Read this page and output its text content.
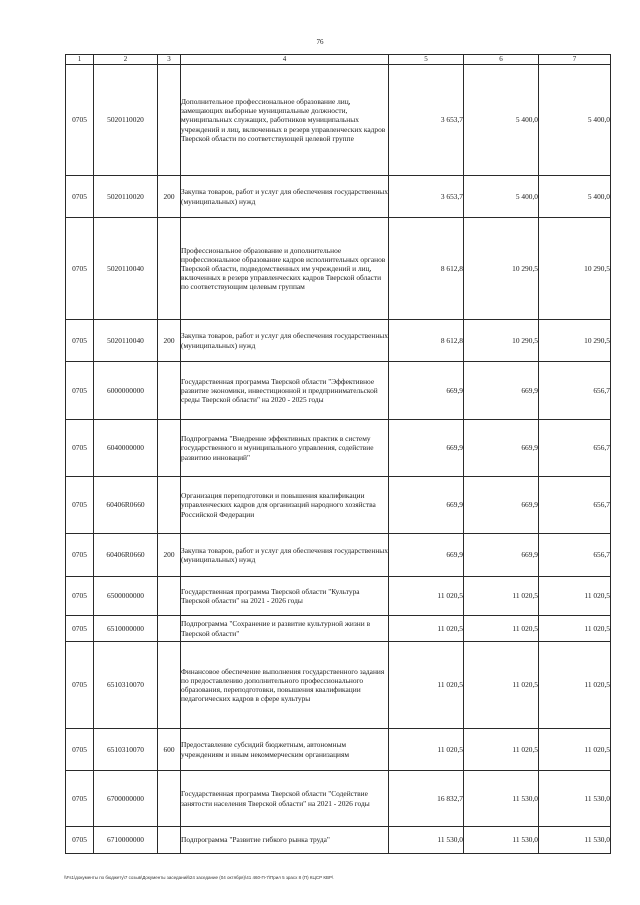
76
1	2	3	4	5	6	7
0705	5020110020		Дополнительное профессиональное образование лиц, замещающих выборные муниципальные должности, муниципальных служащих, работников муниципальных учреждений и лиц, включенных в резерв управленческих кадров Тверской области по соответствующей целевой группе	3 653,7	5 400,0	5 400,0
0705	5020110020	200	Закупка товаров, работ и услуг для обеспечения государственных (муниципальных) нужд	3 653,7	5 400,0	5 400,0
0705	5020110040		Профессиональное образование и дополнительное профессиональное образование кадров исполнительных органов Тверской области, подведомственных им учреждений и лиц, включенных в резерв управленческих кадров Тверской области по соответствующим целевым группам	8 612,8	10 290,5	10 290,5
0705	5020110040	200	Закупка товаров, работ и услуг для обеспечения государственных (муниципальных) нужд	8 612,8	10 290,5	10 290,5
0705	6000000000		Государственная программа Тверской области "Эффективное развитие экономики, инвестиционной и предпринимательской среды Тверской области" на 2020 - 2025 годы	669,9	669,9	656,7
0705	6040000000		Подпрограмма "Внедрение эффективных практик в систему государственного и муниципального управления, содействие развитию инноваций"	669,9	669,9	656,7
0705	60406R0660		Организация переподготовки и повышения квалификации управленческих кадров для организаций народного хозяйства Российской Федерации	669,9	669,9	656,7
0705	60406R0660	200	Закупка товаров, работ и услуг для обеспечения государственных (муниципальных) нужд	669,9	669,9	656,7
0705	6500000000		Государственная программа Тверской области "Культура Тверской области" на 2021 - 2026 годы	11 020,5	11 020,5	11 020,5
0705	6510000000		Подпрограмма "Сохранение и развитие культурной жизни в Тверской области"	11 020,5	11 020,5	11 020,5
0705	6510310070		Финансовое обеспечение выполнения государственного задания по предоставлению дополнительного профессионального образования, переподготовки, повышения квалификации педагогических кадров в сфере культуры	11 020,5	11 020,5	11 020,5
0705	6510310070	600	Предоставление субсидий бюджетным, автономным учреждениям и иным некоммерческим организациям	11 020,5	11 020,5	11 020,5
0705	6700000000		Государственная программа Тверской области "Содействие занятости населения Тверской области" на 2021 - 2026 годы	16 832,7	11 530,0	11 530,0
0705	6710000000		Подпрограмма "Развитие гибкого рынка труда"	11 530,0	11 530,0	11 530,0
\\Fs1\документы по бюджету\7 созыв\Документы заседаний\24 заседание (04 октября)\41 460-П-7\Прил 5 зрасх 8 (П) КЦСР КВР\
